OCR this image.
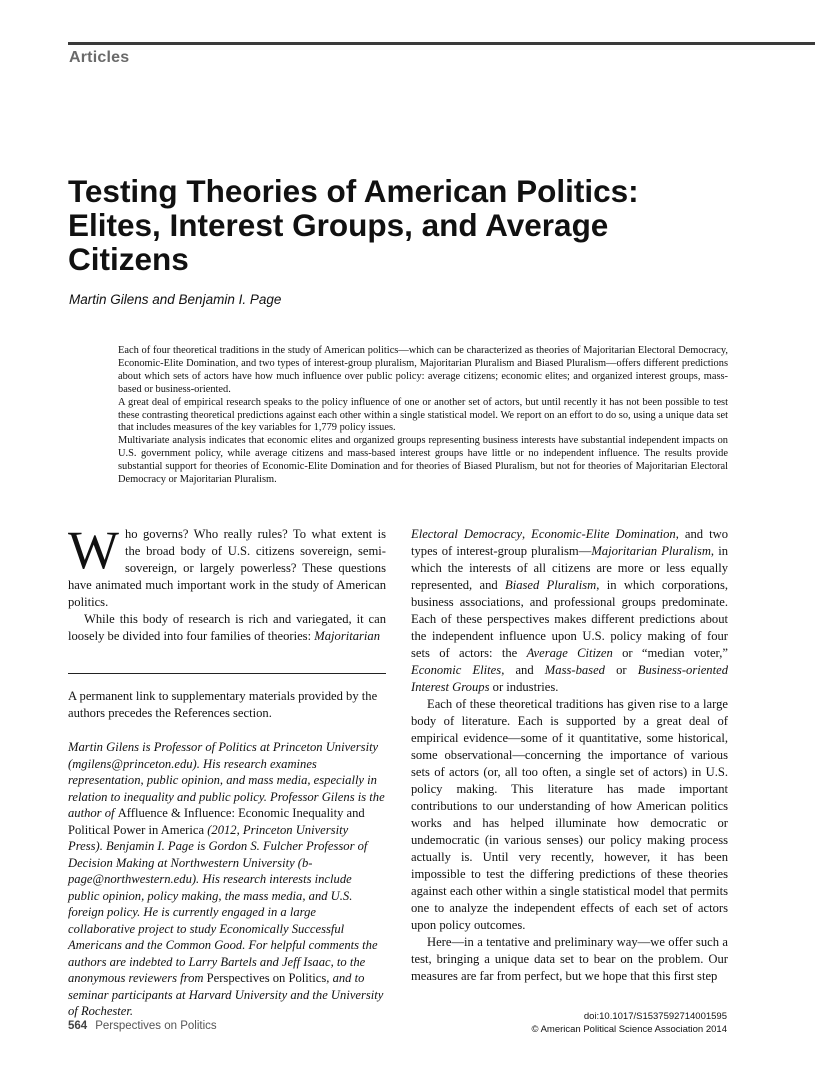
Articles
Testing Theories of American Politics:
Elites, Interest Groups, and Average
Citizens
Martin Gilens and Benjamin I. Page

Each of four theoretical traditions in the study of American politics—which can be characterized as theories of Majoritarian Electoral Democracy, Economic-Elite Domination, and two types of interest-group pluralism, Majoritarian Pluralism and Biased Pluralism—offers different predictions about which sets of actors have how much influence over public policy: average citizens; economic elites; and organized interest groups, mass-based or business-oriented.

A great deal of empirical research speaks to the policy influence of one or another set of actors, but until recently it has not been possible to test these contrasting theoretical predictions against each other within a single statistical model. We report on an effort to do so, using a unique data set that includes measures of the key variables for 1,779 policy issues.

Multivariate analysis indicates that economic elites and organized groups representing business interests have substantial independent impacts on U.S. government policy, while average citizens and mass-based interest groups have little or no independent influence. The results provide substantial support for theories of Economic-Elite Domination and for theories of Biased Pluralism, but not for theories of Majoritarian Electoral Democracy or Majoritarian Pluralism.

Who governs? Who really rules? To what extent is the broad body of U.S. citizens sovereign, semi-sovereign, or largely powerless? These questions have animated much important work in the study of American politics.

While this body of research is rich and variegated, it can loosely be divided into four families of theories: Majoritarian

A permanent link to supplementary materials provided by the authors precedes the References section.
Martin Gilens is Professor of Politics at Princeton University (mgilens@princeton.edu). His research examines representation, public opinion, and mass media, especially in relation to inequality and public policy. Professor Gilens is the author of Affluence & Influence: Economic Inequality and Political Power in America (2012, Princeton University Press). Benjamin I. Page is Gordon S. Fulcher Professor of Decision Making at Northwestern University (b-page@northwestern.edu). His research interests include public opinion, policy making, the mass media, and U.S. foreign policy. He is currently engaged in a large collaborative project to study Economically Successful Americans and the Common Good. For helpful comments the authors are indebted to Larry Bartels and Jeff Isaac, to the anonymous reviewers from Perspectives on Politics, and to seminar participants at Harvard University and the University of Rochester.

Electoral Democracy, Economic-Elite Domination, and two types of interest-group pluralism—Majoritarian Pluralism, in which the interests of all citizens are more or less equally represented, and Biased Pluralism, in which corporations, business associations, and professional groups predominate. Each of these perspectives makes different predictions about the independent influence upon U.S. policy making of four sets of actors: the Average Citizen or “median voter,” Economic Elites, and Mass-based or Business-oriented Interest Groups or industries.

Each of these theoretical traditions has given rise to a large body of literature. Each is supported by a great deal of empirical evidence—some of it quantitative, some historical, some observational—concerning the importance of various sets of actors (or, all too often, a single set of actors) in U.S. policy making. This literature has made important contributions to our understanding of how American politics works and has helped illuminate how democratic or undemocratic (in various senses) our policy making process actually is. Until very recently, however, it has been impossible to test the differing predictions of these theories against each other within a single statistical model that permits one to analyze the independent effects of each set of actors upon policy outcomes.

Here—in a tentative and preliminary way—we offer such a test, bringing a unique data set to bear on the problem. Our measures are far from perfect, but we hope that this first step

564 Perspectives on Politics
doi:10.1017/S1537592714001595
© American Political Science Association 2014
